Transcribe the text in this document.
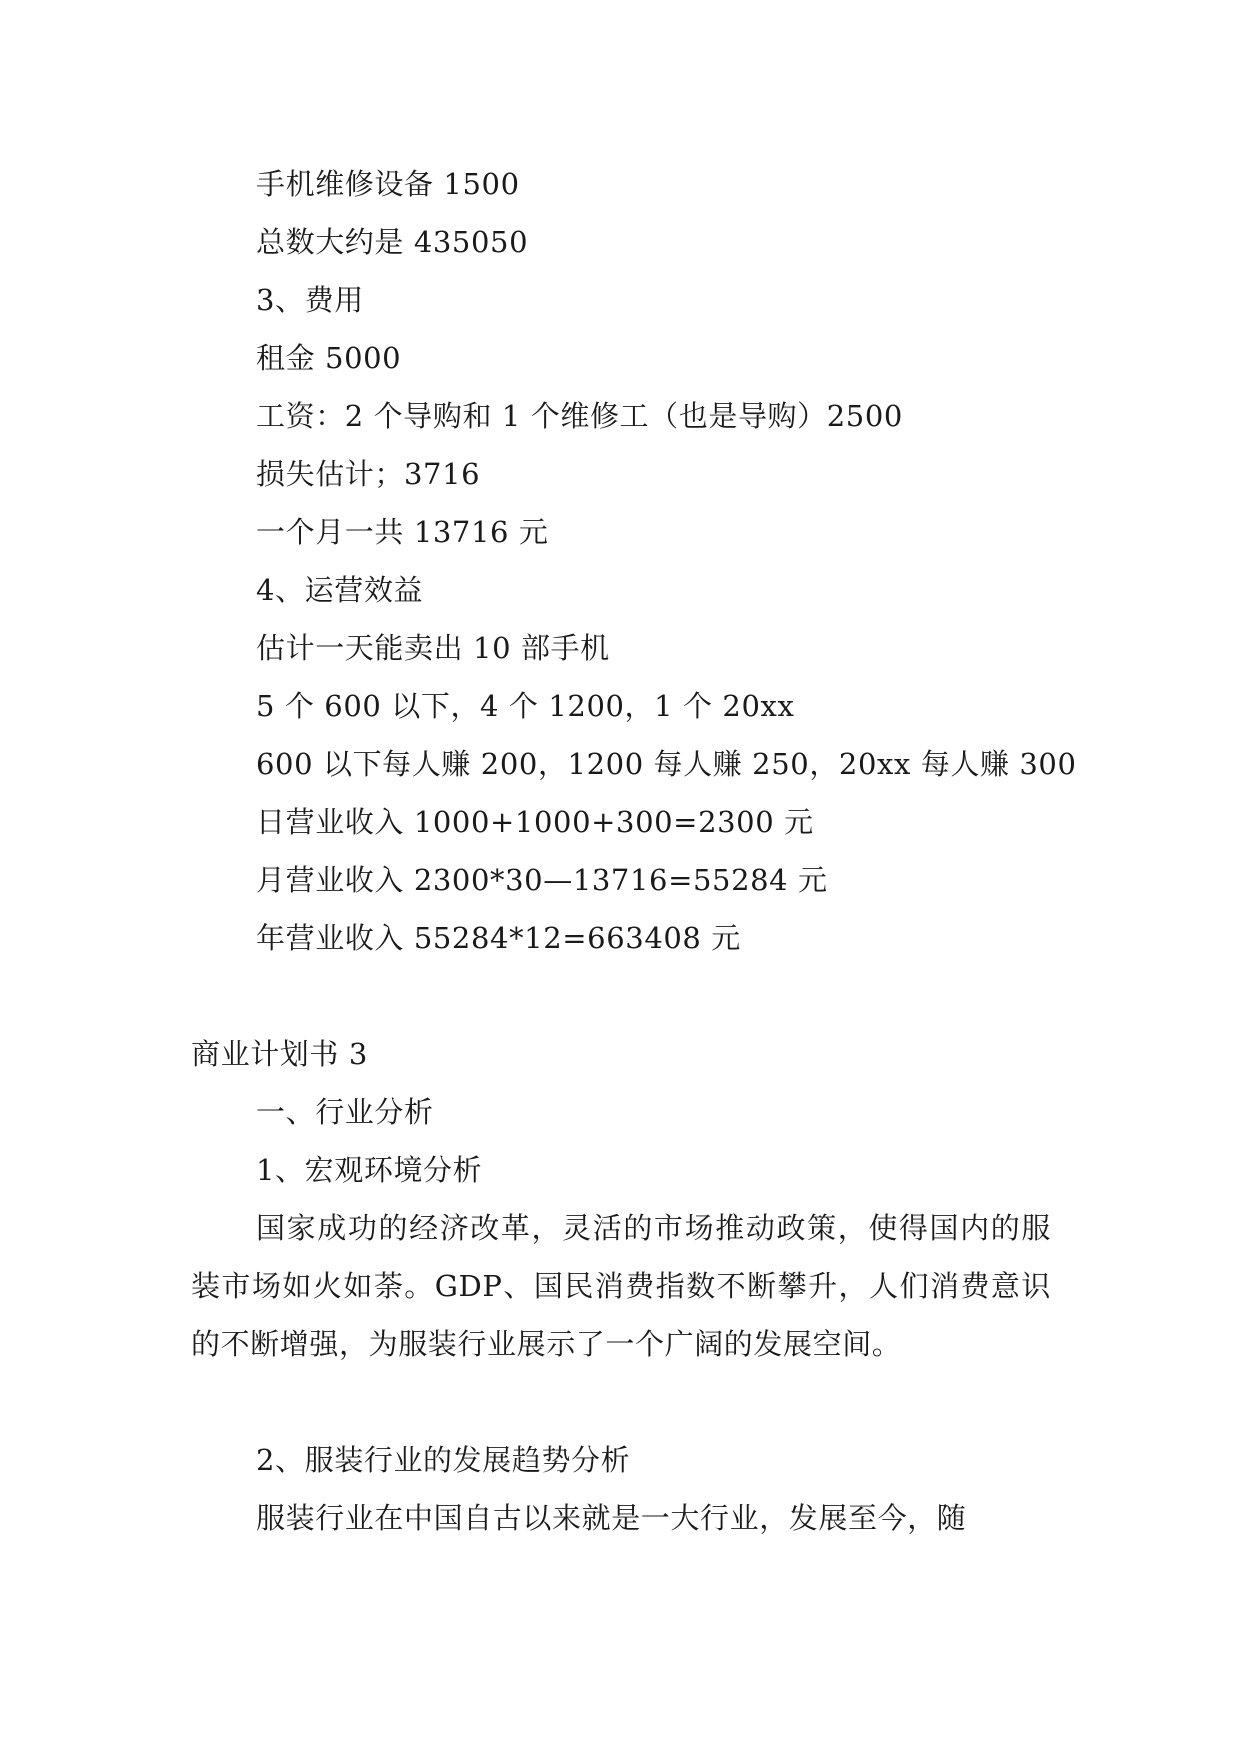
手机维修设备 1500
总数大约是 435050
3、费用
租金 5000
工资：2 个导购和 1 个维修工（也是导购）2500
损失估计；3716
一个月一共 13716 元
4、运营效益
估计一天能卖出 10 部手机
5 个 600 以下，4 个 1200，1 个 20xx
600 以下每人赚 200，1200 每人赚 250，20xx 每人赚 300
日营业收入 1000+1000+300=2300 元
月营业收入 2300*30—13716=55284 元
年营业收入 55284*12=663408 元
商业计划书 3
一、行业分析
1、宏观环境分析
国家成功的经济改革，灵活的市场推动政策，使得国内的服装市场如火如荼。GDP、国民消费指数不断攀升，人们消费意识的不断增强，为服装行业展示了一个广阔的发展空间。
2、服装行业的发展趋势分析
服装行业在中国自古以来就是一大行业，发展至今，随
